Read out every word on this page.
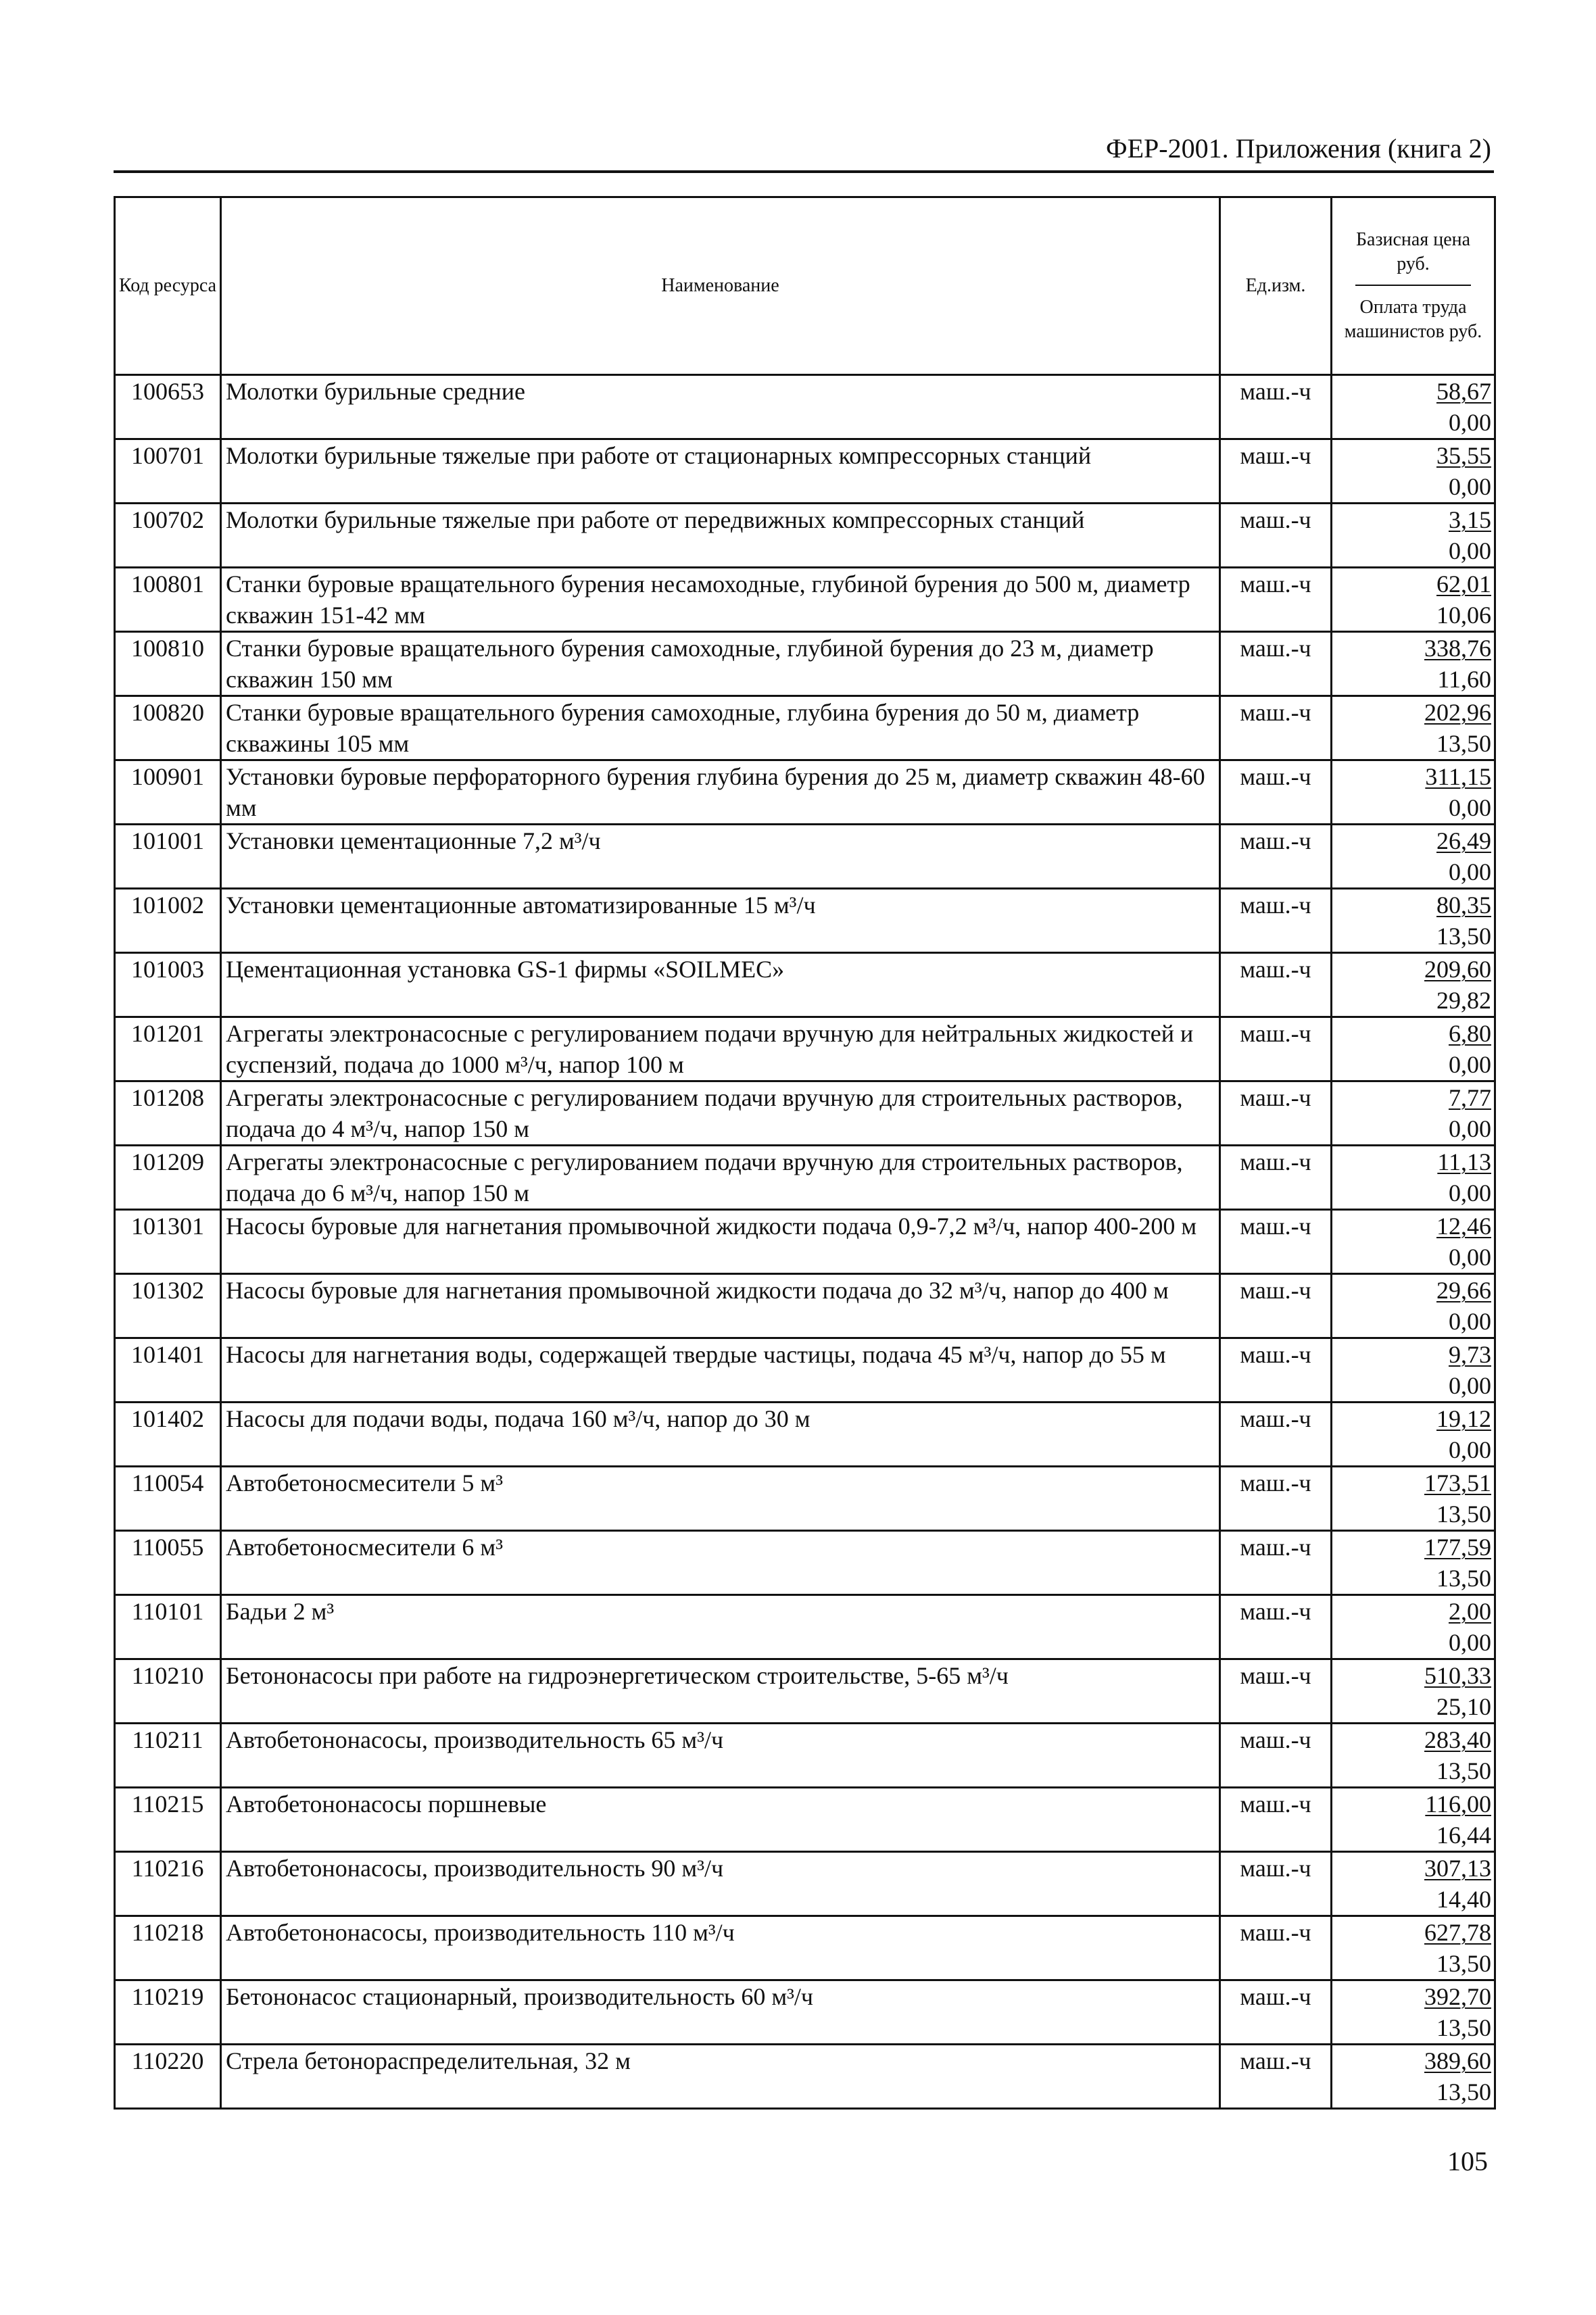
ФЕР-2001. Приложения (книга 2)
Код ресурса	Наименование	Ед.изм.	Базисная цена руб.
Оплата труда машинистов руб.

100653	Молотки бурильные средние	маш.-ч	58,67
0,00

100701	Молотки бурильные тяжелые при работе от стационарных компрессорных станций	маш.-ч	35,55
0,00

100702	Молотки бурильные тяжелые при работе от передвижных компрессорных станций	маш.-ч	3,15
0,00

100801	Станки буровые вращательного бурения несамоходные, глубиной бурения до 500 м, диаметр скважин 151-42 мм	маш.-ч	62,01
10,06

100810	Станки буровые вращательного бурения самоходные, глубиной бурения до 23 м, диаметр скважин 150 мм	маш.-ч	338,76
11,60

100820	Станки буровые вращательного бурения самоходные, глубина бурения до 50 м, диаметр скважины 105 мм	маш.-ч	202,96
13,50

100901	Установки буровые перфораторного бурения глубина бурения до 25 м, диаметр скважин 48-60 мм	маш.-ч	311,15
0,00

101001	Установки цементационные 7,2 м³/ч	маш.-ч	26,49
0,00

101002	Установки цементационные автоматизированные 15 м³/ч	маш.-ч	80,35
13,50

101003	Цементационная установка GS-1 фирмы «SOILMEC»	маш.-ч	209,60
29,82

101201	Агрегаты электронасосные с регулированием подачи вручную для нейтральных жидкостей и суспензий, подача до 1000 м³/ч, напор 100 м	маш.-ч	6,80
0,00

101208	Агрегаты электронасосные с регулированием подачи вручную для строительных растворов, подача до 4 м³/ч, напор 150 м	маш.-ч	7,77
0,00

101209	Агрегаты электронасосные с регулированием подачи вручную для строительных растворов, подача до 6 м³/ч, напор 150 м	маш.-ч	11,13
0,00

101301	Насосы буровые для нагнетания промывочной жидкости подача 0,9-7,2 м³/ч, напор 400-200 м	маш.-ч	12,46
0,00

101302	Насосы буровые для нагнетания промывочной жидкости подача до 32 м³/ч, напор до 400 м	маш.-ч	29,66
0,00

101401	Насосы для нагнетания воды, содержащей твердые частицы, подача 45 м³/ч, напор до 55 м	маш.-ч	9,73
0,00

101402	Насосы для подачи воды, подача 160 м³/ч, напор до 30 м	маш.-ч	19,12
0,00

110054	Автобетоносмесители 5 м³	маш.-ч	173,51
13,50

110055	Автобетоносмесители 6 м³	маш.-ч	177,59
13,50

110101	Бадьи 2 м³	маш.-ч	2,00
0,00

110210	Бетононасосы при работе на гидроэнергетическом строительстве, 5-65 м³/ч	маш.-ч	510,33
25,10

110211	Автобетононасосы, производительность 65 м³/ч	маш.-ч	283,40
13,50

110215	Автобетононасосы поршневые	маш.-ч	116,00
16,44

110216	Автобетононасосы, производительность 90 м³/ч	маш.-ч	307,13
14,40

110218	Автобетононасосы, производительность 110 м³/ч	маш.-ч	627,78
13,50

110219	Бетононасос стационарный, производительность 60 м³/ч	маш.-ч	392,70
13,50

110220	Стрела бетонораспределительная, 32 м	маш.-ч	389,60
13,50
105
